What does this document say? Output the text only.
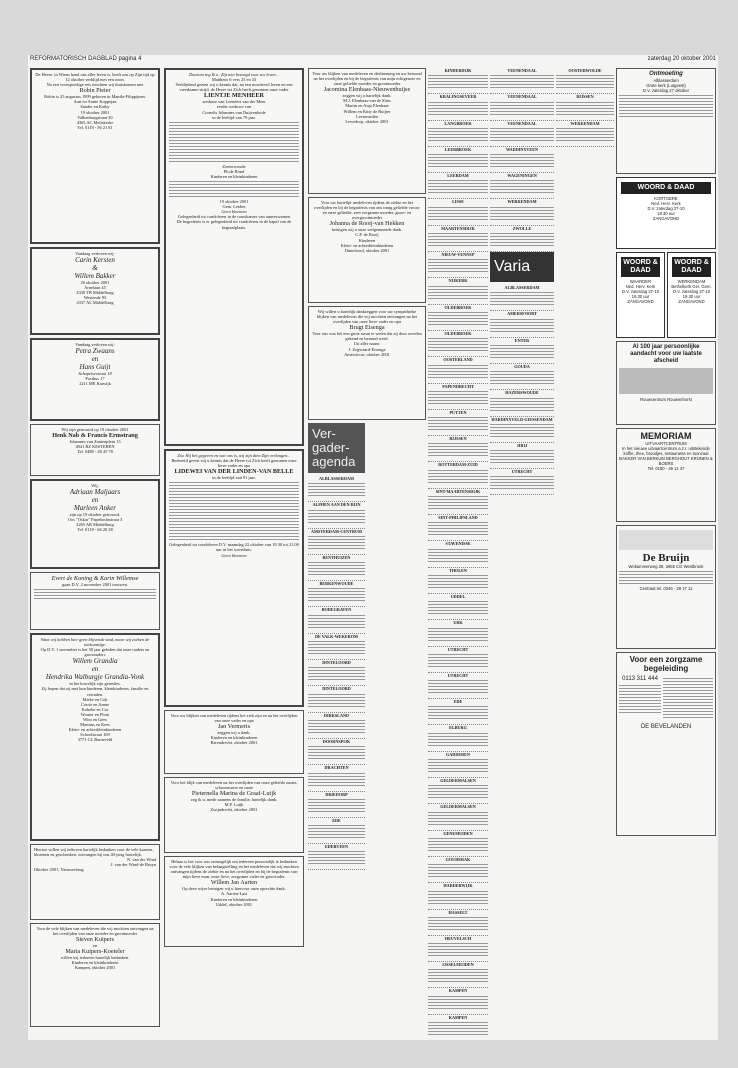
REFORMATORISCH DAGBLAD pagina 4	zaterdag 20 oktober 2001
De Heere, in Wiens hand ons aller leven is, heeft ons op Zijn tijd op 12 oktober verblijd met een zoon.
Na een voorspoedige reis mochten wij thuiskomen met
Robin Pieter
Robin is 25 augustus 1999 geboren in Manila-Filippijnen.
Aart en Annie Koppejan
Sander en Kathy
19 oktober 2001
Valkenburgstraat 39
4365 AC Meliskerke
Tel. 0118 - 56 21 81
Vandaag verloven wij:
Carin Kersten
&
Willem Bakker
20 oktober 2001
Arnelaan 45
4330 TB Middelburg
Westende 93
4337 AL Middelburg
Vandaag verloven wij:
Petra Zwaans
en
Hans Guijt
Schapelsestraat 18
Postbus 17
2211 ME Katwijk
Wij zijn getrouwd op 19 oktober 2001
Henk Nab & Francis Ermstrang
Johannes van Zantenplein 13
4041 BZ KESTEREN
Tel. 0488 - 48 45 78
Wij,
Adriaan Maljaars
en
Marleen Anker
zijn op 19 oktober getrouwd.
Oos "Oskar" Papebochtstraat 3
4265 AR Middelburg
Tel. 0118 - 66 20 38
Evert de Koning & Karin Willemse
gaan D.V. 2 november 2001 trouwen.
Want wij hebben hier geen blijvende stad, maar wij zoeken de toekomstige.
Op D.V. 1 november is het 50 jaar geleden dat onze ouders en grootouders
Willem Grandia
en
Hendrika Walburgje Grandia-Vonk
in het huwelijk zijn getreden.
Zij hopen dat zij met hun kinderen, kleinkinderen, familie en vrienden.
Mieke en Cok
Corrie en Annie
Kobeke en Cor
Wouter en Ploni
Wim en Gees
Marinus en Kees
Klein- en achterkleinkinderen
Schoolstraat 169
3771 CL Barneveld
Hiertoe willen wij iedereen hartelijk bedanken voor de vele kaarten, bloemen en geschenken, ontvangen bij ons 40-jarig huwelijk.
N. van der Wind
J. van der Wind-de Bruyn
Oktober 2001, Nieuwerbrug
Voor de vele blijken van medeleven die wij mochten ontvangen na het overlijden van onze moeder en grootmoeder
Steven Kuipers
en
Maria Kuipers-Koeteler
willen wij iedereen hartelijk bedanken.
Kinderen en kleinkinderen
Kampen, oktober 2001
Daarom zeg Ik u: Zijt niet bezorgd voor uw leven...
Mattheus 6 vers 25 en 33
Verblijdend gezien wij u kennis dat, na een moeitevol leven en een vreedzame strijd, de Heere tot Zich heeft genomen onze vader
LIENTJE MENHEER
weduwe van Leendert van der Meer
eerder weduwe van
Cornelis Johannes van Duijvenbode
in de leeftijd van 79 jaar.
Zoeterwoude
Ph.de Rond
Kinderen en kleinkinderen
19 oktober 2001
Gem. Leiden
Geen bloemen
Gelegenheid tot condoleren in de rouwkamer van aanverwanten
De begrafenis is er gelegenheid tot condoleren in de kapel van de begraafplaats.
Zoo Hij het gegeven en wat ons is, wij zijn dien Zijn verlangen...
Bedroefd geven wij u kennis dat de Heere tot Zich heeft genomen onze lieve vader en opa
LIDEWEI VAN DER LINDEN-VAN BELLE
in de leeftijd van 91 jaar.
Gelegenheid tot condoleren D.V. maandag 22 oktober van 19.30 tot 21.00 uur in het woonhuis.
Geen bloemen
Voor uw blijken van medeleven tijdens het ziek zijn en na het overlijden van onze vader en opa
Jan Vermeris
zeggen wij u dank.
Kinderen en kleinkinderen
Barendrecht, oktober 2001
Voor het blijk van medeleven na het overlijden van onze geliefde zuster, schoonzuster en tante
Pieternella Marina de Graaf-Luijk
zeg ik u, mede namens de familie, hartelijk dank.
M.P. Luijk
Zwijndrecht, oktober 2001
Helaas is het voor ons onmogelijk om iedereen persoonlijk te bedanken voor de vele blijken van belangstelling en het medeleven dat wij mochten ontvangen tijdens de ziekte en na het overlijden en bij de begrafenis van mijn lieve man, onze lieve, zorgzame vader en grootvader.
Willem Jan Aarten
Op deze wijze betuigen wij u hiervoor onze oprechte dank.
A. Aarten-Last
Kinderen en kleinkinderen
Uddel, oktober 2001
Voor uw blijken van medeleven en deelneming en uw betoond na het overlijden en bij de begrafenis van mijn echtgenote en onze geliefde moeder en grootmoeder
Jacomina Elenbaas-Nieuwenhuijse
zeggen wij u hartelijk dank.
M.J. Elenbaas-van de Sluis
Martin en Anja Elenbaas
Willem en Kitty de Ruijter
Leeuwarden
Lewedorp, oktober 2001
Voor uw hartelijk medeleven tijdens de ziekte en het overlijden en bij de begrafenis van ons innig geliefde vrouw en onze geliefde, zeer zorgzame moeder, groot- en overgrootmoeder
Johanna de Rooij-van Hekken
betuigen wij u onze welgemeende dank.
C.P. de Rooij
Kinderen
Klein- en achterkleinkinderen
Dinteloord, oktober 2001
Wij willen u hartelijk dankzeggen voor uw sympathieke blijken van medeleven die wij mochten ontvangen na het overlijden van onze lieve vader en opa
Brugt Eisenga
Voor ons was het een grote steun te weten dat zij door zovelen gekend en bemind werd.
Uit aller naam:
J. Zegwaard-Eisenga
Amersfoort, oktober 2001
Ver-gader-agenda
ALBLASSERDAM
ALPHEN AAN DEN RIJN
AMSTERDAM-CENTRUM
BENTHUIZEN
BERKENWOUDE
BODEGRAVEN
DE VALK-WEKEROM
DINTELOORD
DINTELOORD
DIRKSLAND
DOORNSPIJK
DRACHTEN
DRIEDORP
EDE
EDERVEEN
KINDERDIJK
KRALINGSEVEER
LANGBROEK
LEERBROEK
LEERDAM
LISSE
MAARTENSDIJK
NIEUW-VENNEP
NIJKERK
OLDEBROEK
OLDEBROEK
OOSTERLAND
PAPENDRECHT
PUTTEN
RIJSSEN
ROTTERDAM-ZUID
SINT-MAARTENSDIJK
SINT-PHILIPSLAND
STAVENISSE
THOLEN
UDDEL
URK
UTRECHT
UTRECHT
EDE
ELBURG
GADDEREN
GELDERMALSEN
GELDERMALSEN
GENEMUIDEN
GOUDERAK
HARDERWIJK
HASSELT
HEUVELSCH
IJSSELMUIDEN
KAMPEN
KAMPEN
VEENENDAAL
VEENENDAAL
VEENENDAAL
WADDINXVEEN
WAGENINGEN
WERKENDAM
ZWOLLE
Varia
ALBLASSERDAM
AMERSFOORT
ENTER
GOUDA
HAZERSWOUDE
HARDINXVELD-GIESSENDAM
JIRIJ
UTRECHT
OOSTERWOLDE
RIJSSEN
WERKENDAM
Ontmoeting
Alblasserdam
Grote kerk (Lutgeest)
D.V. zaterdag 27 oktober
WOORD & DAAD
KORTGERE
Ned. Herv. Kerk
D.V. zaterdag 27-10
18.30 uur
ZANGAVOND
WOORD & DAAD
WAARDER
Ned. Herv. Kerk
D.V. zaterdag 27-10
19.30 uur
ZANGAVOND
WOORD & DAAD
WERKENDAM
Bethelkerk Ger. Gem.
D.V. zaterdag 27-10
19.30 uur
ZANGAVOND
Al 100 jaar persoonlijke aandacht voor uw laatste afscheid
Rouwcentrum Rouwenhorst
MEMORIAM
UITVAARTCENTRUM
In het nieuwe uitvaartcentrum a.z.r. uitstekende koffie, thee, broodjes, restaurants en toonzaal
BAKKER VAN BERKUM BERGHOUT KRIJNEN & BOERS
Tel. 0180 - 49 11 47
De Bruijn
Wokammerweg 28, 3655 CG Westbroek
Centraal tel. 0346 - 28 17 11
Voor een zorgzame begeleiding
0113 311 444
DE BEVELANDEN
